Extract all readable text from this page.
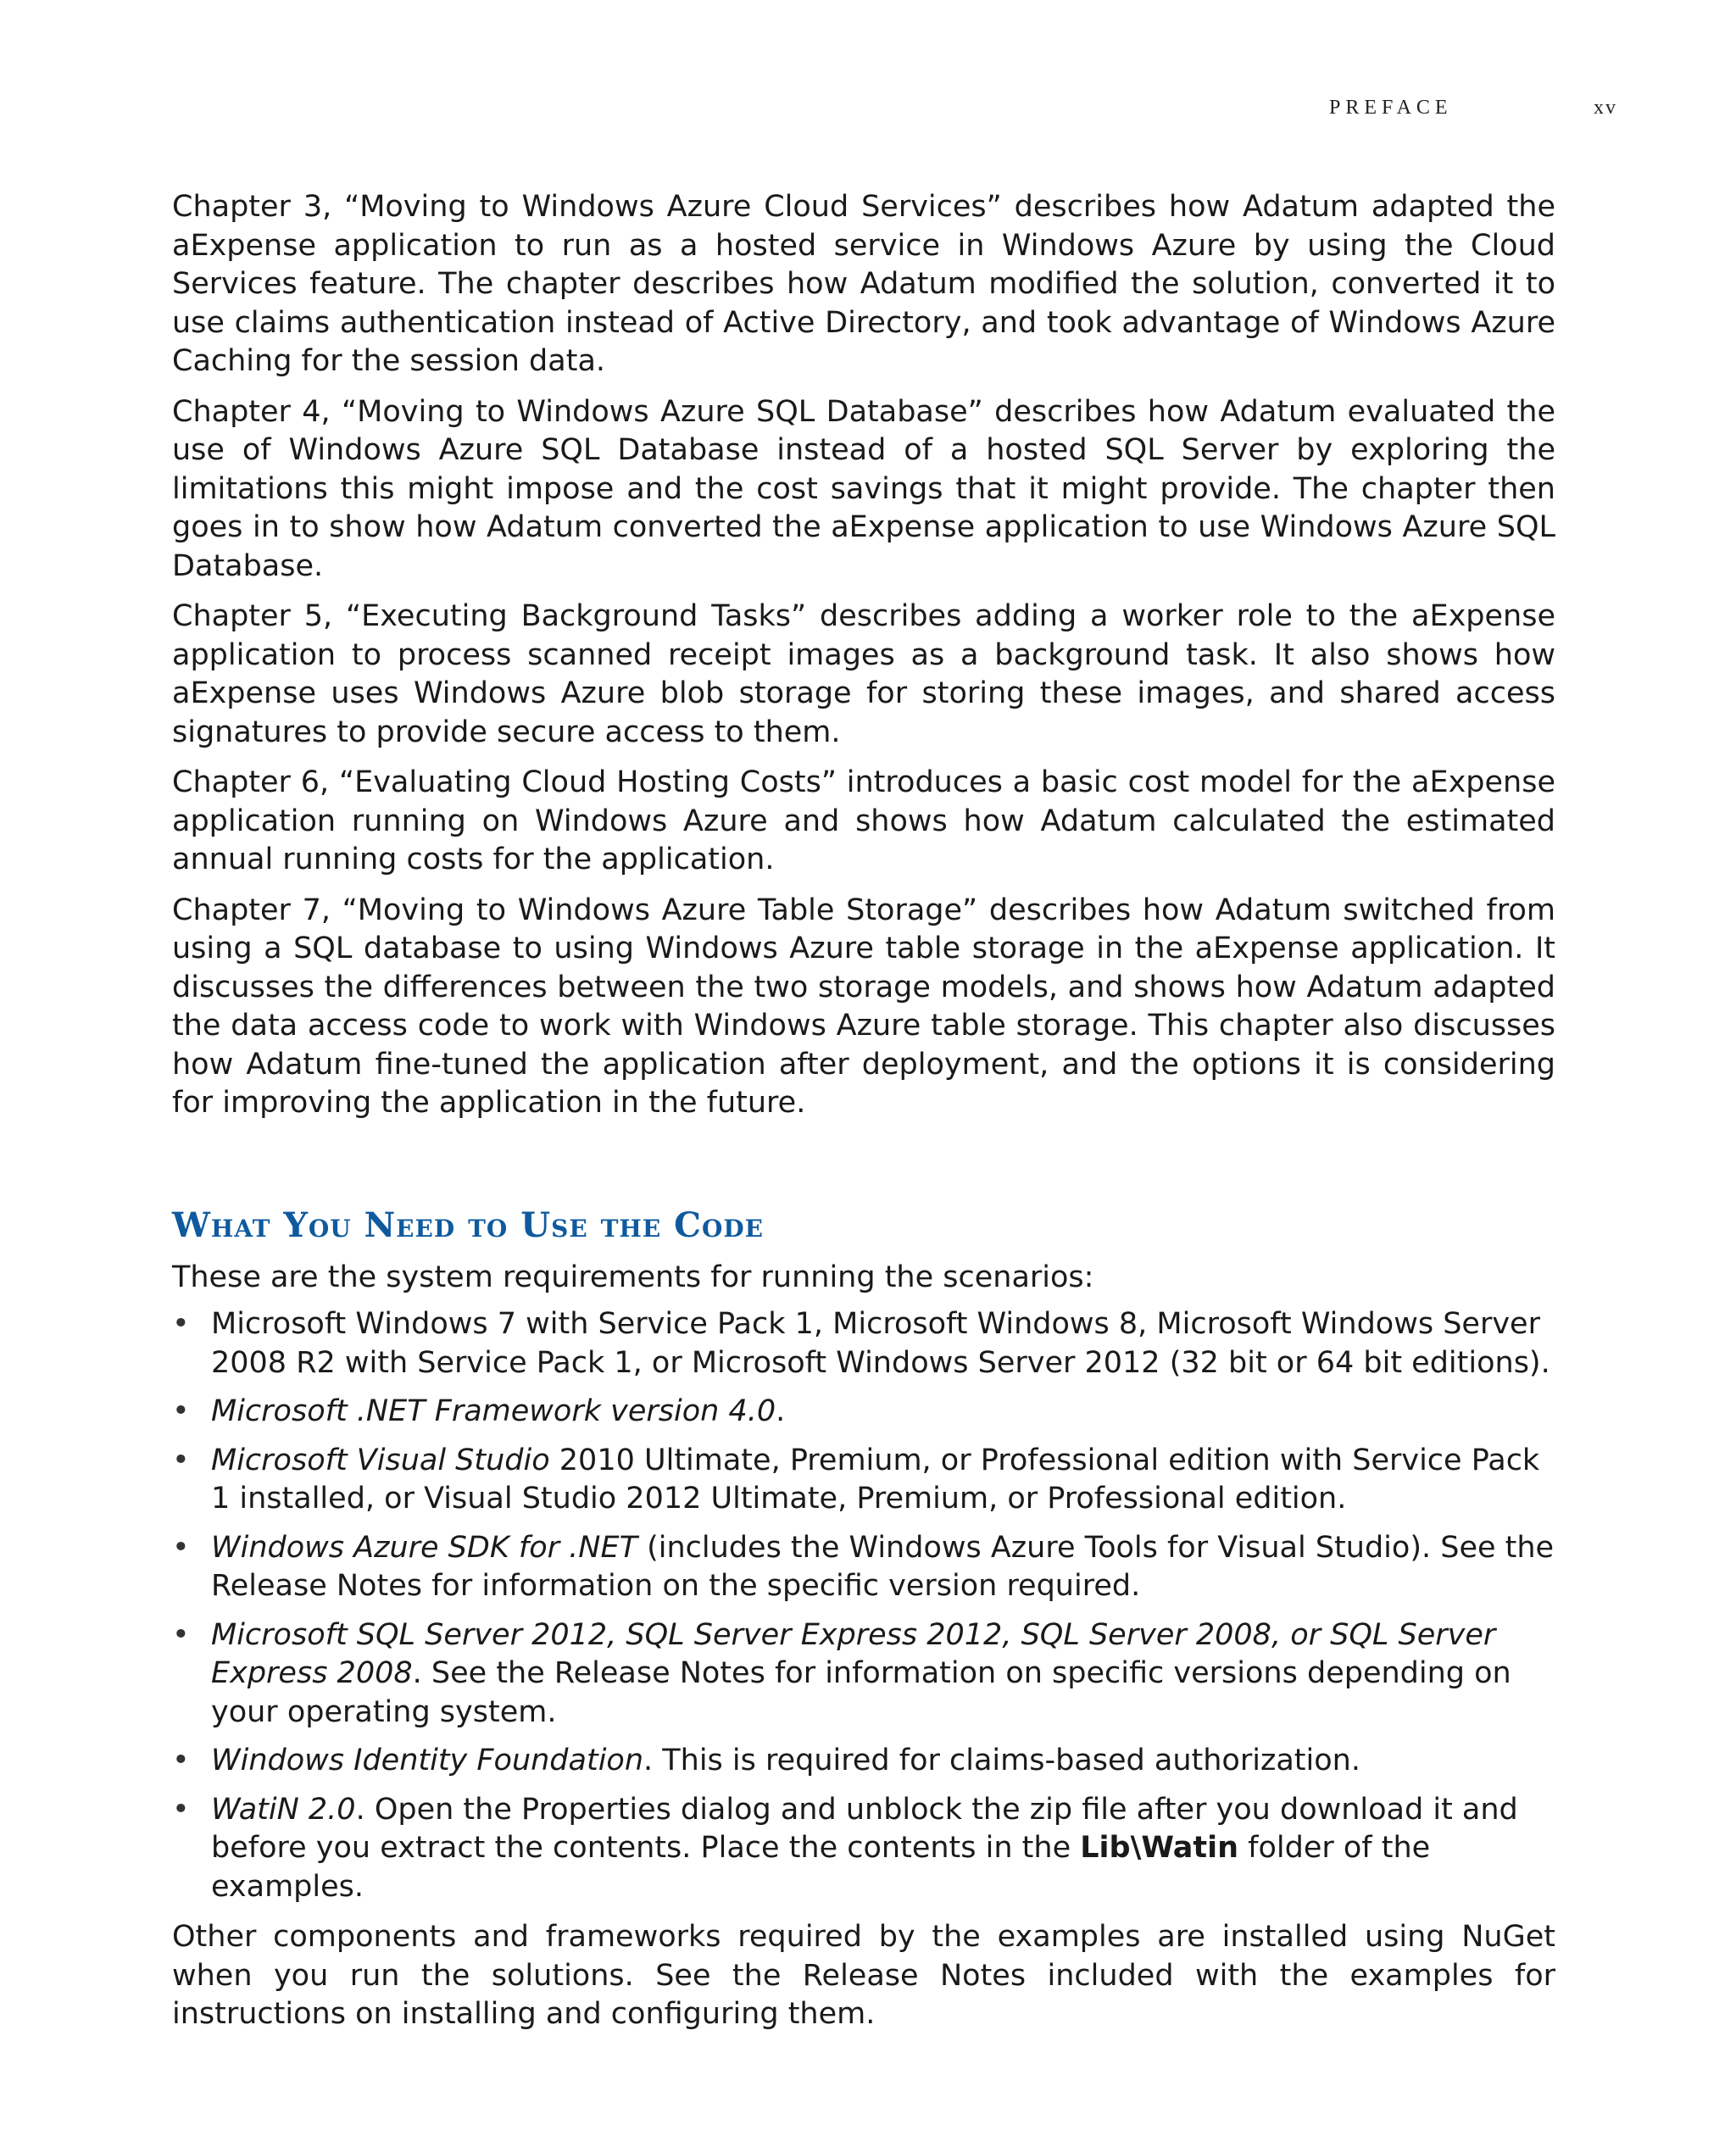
PREFACE	xv

Chapter 3, “Moving to Windows Azure Cloud Services” describes how Adatum adapted the aExpense application to run as a hosted service in Windows Azure by using the Cloud Services feature. The chapter describes how Adatum modified the solution, converted it to use claims authentication instead of Active Directory, and took advantage of Windows Azure Caching for the session data.

Chapter 4, “Moving to Windows Azure SQL Database” describes how Adatum evaluated the use of Windows Azure SQL Database instead of a hosted SQL Server by exploring the limitations this might impose and the cost savings that it might provide. The chapter then goes in to show how Adatum converted the aExpense application to use Windows Azure SQL Database.

Chapter 5, “Executing Background Tasks” describes adding a worker role to the aExpense application to process scanned receipt images as a background task. It also shows how aExpense uses Windows Azure blob storage for storing these images, and shared access signatures to provide secure access to them.

Chapter 6, “Evaluating Cloud Hosting Costs” introduces a basic cost model for the aExpense application running on Windows Azure and shows how Adatum calculated the estimated annual running costs for the application.

Chapter 7, “Moving to Windows Azure Table Storage” describes how Adatum switched from using a SQL database to using Windows Azure table storage in the aExpense application. It discusses the differences between the two storage models, and shows how Adatum adapted the data access code to work with Windows Azure table storage. This chapter also discusses how Adatum fine-tuned the application after deployment, and the options it is considering for improving the application in the future.

What You Need to Use the Code

These are the system requirements for running the scenarios:

• Microsoft Windows 7 with Service Pack 1, Microsoft Windows 8, Microsoft Windows Server 2008 R2 with Service Pack 1, or Microsoft Windows Server 2012 (32 bit or 64 bit editions).
• Microsoft .NET Framework version 4.0.
• Microsoft Visual Studio 2010 Ultimate, Premium, or Professional edition with Service Pack 1 installed, or Visual Studio 2012 Ultimate, Premium, or Professional edition.
• Windows Azure SDK for .NET (includes the Windows Azure Tools for Visual Studio). See the Release Notes for information on the specific version required.
• Microsoft SQL Server 2012, SQL Server Express 2012, SQL Server 2008, or SQL Server Express 2008. See the Release Notes for information on specific versions depending on your operating system.
• Windows Identity Foundation. This is required for claims-based authorization.
• WatiN 2.0. Open the Properties dialog and unblock the zip file after you download it and before you extract the contents. Place the contents in the Lib\Watin folder of the examples.

Other components and frameworks required by the examples are installed using NuGet when you run the solutions. See the Release Notes included with the examples for instructions on installing and configuring them.
